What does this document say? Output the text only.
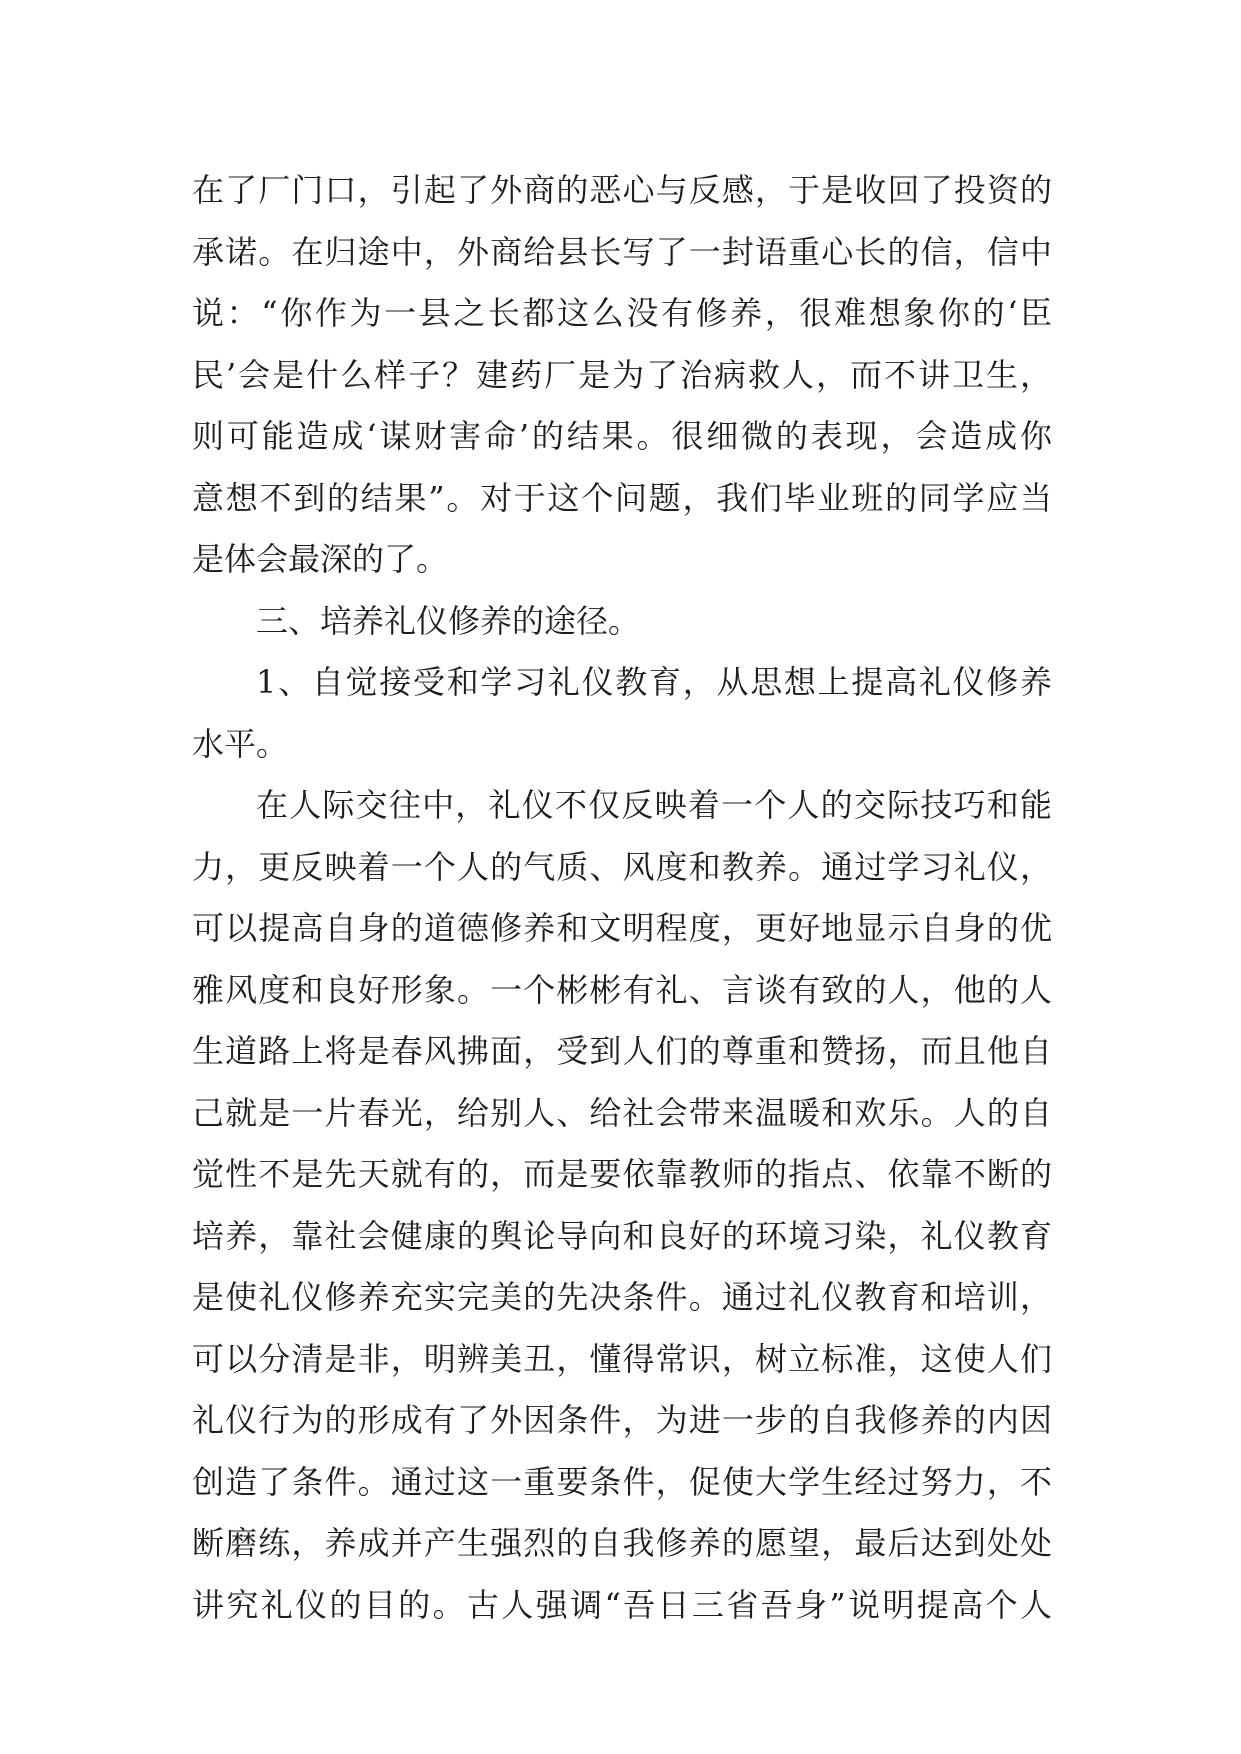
在了厂门口，引起了外商的恶心与反感，于是收回了投资的
承诺。在归途中，外商给县长写了一封语重心长的信，信中
说：“你作为一县之长都这么没有修养，很难想象你的‘臣
民’会是什么样子？建药厂是为了治病救人，而不讲卫生，
则可能造成‘谋财害命’的结果。很细微的表现，会造成你
意想不到的结果”。对于这个问题，我们毕业班的同学应当
是体会最深的了。
三、培养礼仪修养的途径。
1、自觉接受和学习礼仪教育，从思想上提高礼仪修养
水平。
在人际交往中，礼仪不仅反映着一个人的交际技巧和能
力，更反映着一个人的气质、风度和教养。通过学习礼仪，
可以提高自身的道德修养和文明程度，更好地显示自身的优
雅风度和良好形象。一个彬彬有礼、言谈有致的人，他的人
生道路上将是春风拂面，受到人们的尊重和赞扬，而且他自
己就是一片春光，给别人、给社会带来温暖和欢乐。人的自
觉性不是先天就有的，而是要依靠教师的指点、依靠不断的
培养，靠社会健康的舆论导向和良好的环境习染，礼仪教育
是使礼仪修养充实完美的先决条件。通过礼仪教育和培训，
可以分清是非，明辨美丑，懂得常识，树立标准，这使人们
礼仪行为的形成有了外因条件，为进一步的自我修养的内因
创造了条件。通过这一重要条件，促使大学生经过努力，不
断磨练，养成并产生强烈的自我修养的愿望，最后达到处处
讲究礼仪的目的。古人强调“吾日三省吾身”说明提高个人
